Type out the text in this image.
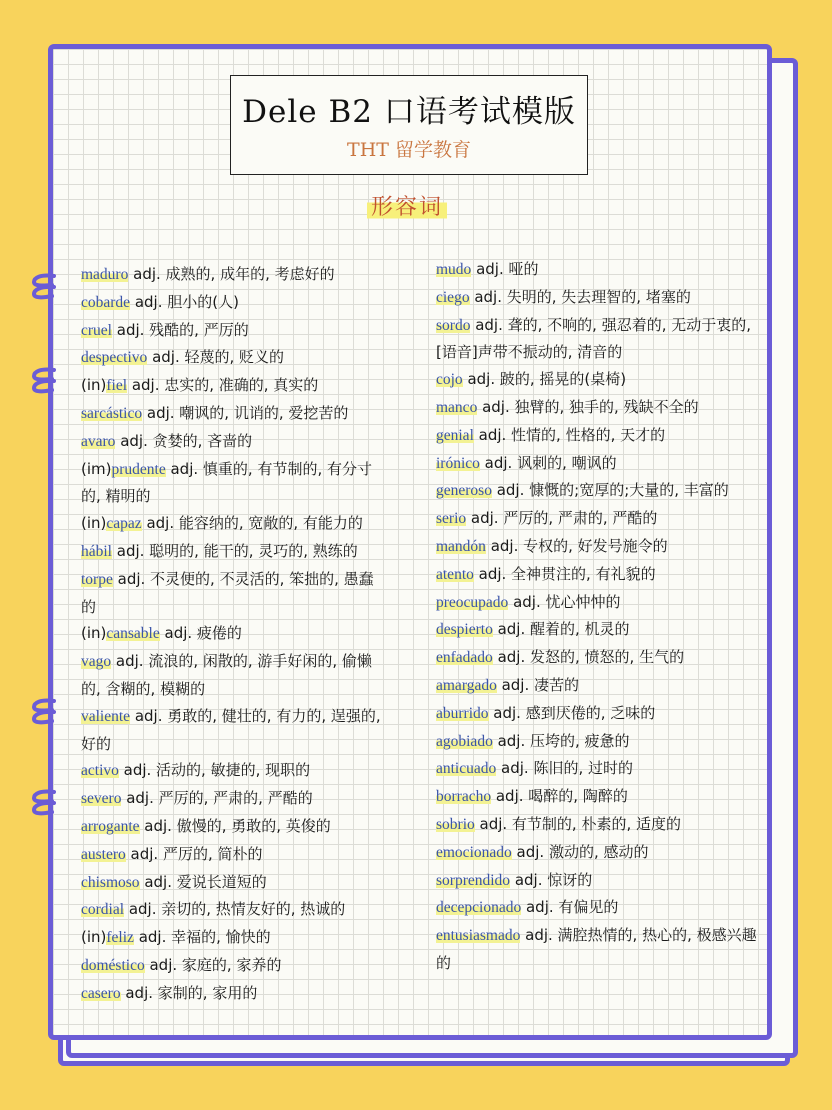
Dele B2 口语考试模版
THT 留学教育
形容词

maduro adj. 成熟的, 成年的, 考虑好的

cobarde adj. 胆小的(人)

cruel adj. 残酷的, 严厉的

despectivo adj. 轻蔑的, 贬义的

(in)fiel adj. 忠实的, 准确的, 真实的

sarcástico adj. 嘲讽的, 讥诮的, 爱挖苦的

avaro adj. 贪婪的, 吝啬的

(im)prudente adj. 慎重的, 有节制的, 有分寸的, 精明的

(in)capaz adj. 能容纳的, 宽敞的, 有能力的

hábil adj. 聪明的, 能干的, 灵巧的, 熟练的

torpe adj. 不灵便的, 不灵活的, 笨拙的, 愚蠢的

(in)cansable adj. 疲倦的

vago adj. 流浪的, 闲散的, 游手好闲的, 偷懒的, 含糊的, 模糊的

valiente adj. 勇敢的, 健壮的, 有力的, 逞强的, 好的

activo adj. 活动的, 敏捷的, 现职的

severo adj. 严厉的, 严肃的, 严酷的

arrogante adj. 傲慢的, 勇敢的, 英俊的

austero adj. 严厉的, 简朴的

chismoso adj. 爱说长道短的

cordial adj. 亲切的, 热情友好的, 热诚的

(in)feliz adj. 幸福的, 愉快的

doméstico adj. 家庭的, 家养的

casero adj. 家制的, 家用的

mudo adj. 哑的

ciego adj. 失明的, 失去理智的, 堵塞的

sordo adj. 聋的, 不响的, 强忍着的, 无动于衷的, [语音]声带不振动的, 清音的

cojo adj. 跛的, 摇晃的(桌椅)

manco adj. 独臂的, 独手的, 残缺不全的

genial adj. 性情的, 性格的, 天才的

irónico adj. 讽刺的, 嘲讽的

generoso adj. 慷慨的;宽厚的;大量的, 丰富的

serio adj. 严厉的, 严肃的, 严酷的

mandón adj. 专权的, 好发号施令的

atento adj. 全神贯注的, 有礼貌的

preocupado adj. 忧心忡忡的

despierto adj. 醒着的, 机灵的

enfadado adj. 发怒的, 愤怒的, 生气的

amargado adj. 凄苦的

aburrido adj. 感到厌倦的, 乏味的

agobiado adj. 压垮的, 疲惫的

anticuado adj. 陈旧的, 过时的

borracho adj. 喝醉的, 陶醉的

sobrio adj. 有节制的, 朴素的, 适度的

emocionado adj. 激动的, 感动的

sorprendido adj. 惊讶的

decepcionado adj. 有偏见的

entusiasmado adj. 满腔热情的, 热心的, 极感兴趣的
